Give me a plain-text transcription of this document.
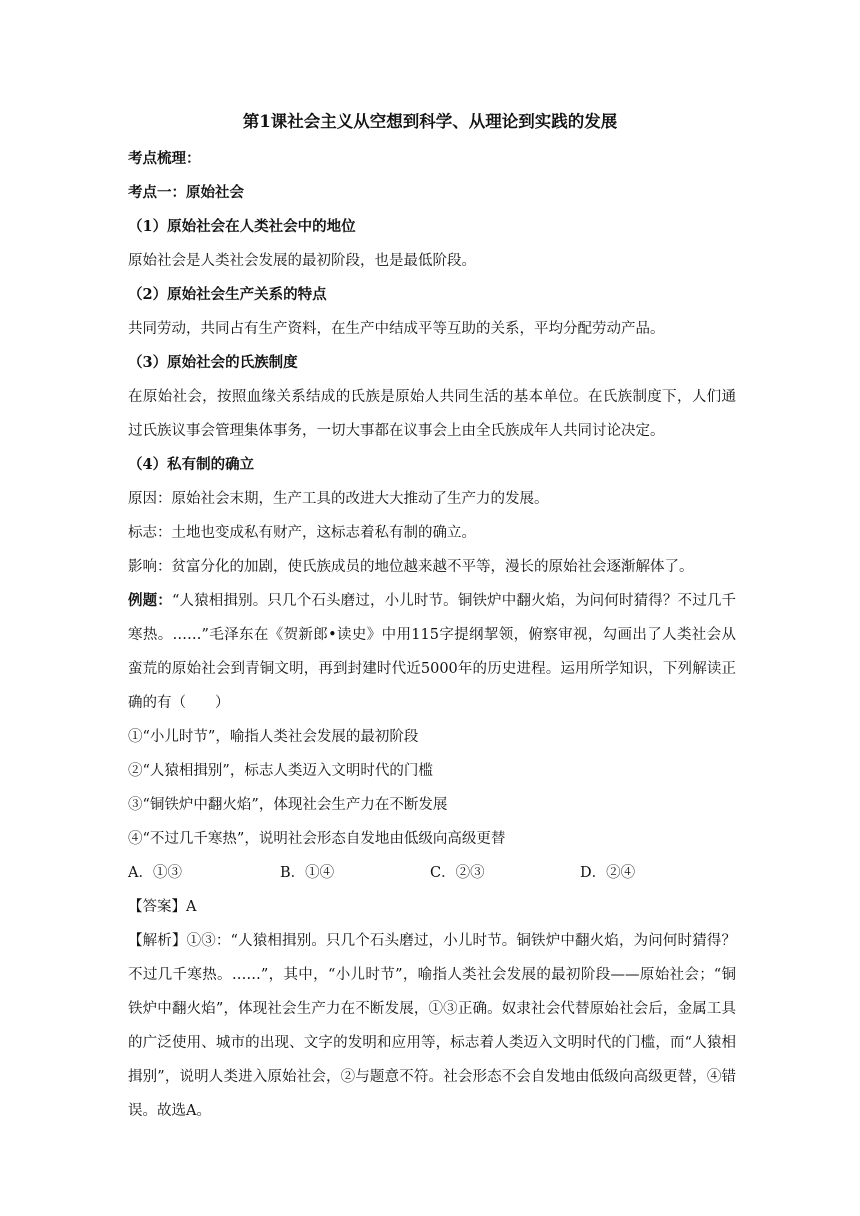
第1课社会主义从空想到科学、从理论到实践的发展
考点梳理：
考点一：原始社会
（1）原始社会在人类社会中的地位
原始社会是人类社会发展的最初阶段，也是最低阶段。
（2）原始社会生产关系的特点
共同劳动，共同占有生产资料，在生产中结成平等互助的关系，平均分配劳动产品。
（3）原始社会的氏族制度
在原始社会，按照血缘关系结成的氏族是原始人共同生活的基本单位。在氏族制度下，人们通过氏族议事会管理集体事务，一切大事都在议事会上由全氏族成年人共同讨论决定。
（4）私有制的确立
原因：原始社会末期，生产工具的改进大大推动了生产力的发展。
标志：土地也变成私有财产，这标志着私有制的确立。
影响：贫富分化的加剧，使氏族成员的地位越来越不平等，漫长的原始社会逐渐解体了。
例题：“人猿相揖别。只几个石头磨过，小儿时节。铜铁炉中翻火焰，为问何时猜得？不过几千寒热。……”毛泽东在《贺新郎•读史》中用115字提纲挈领，俯察审视，勾画出了人类社会从蛮荒的原始社会到青铜文明，再到封建时代近5000年的历史进程。运用所学知识，下列解读正确的有（　　）
①“小儿时节”，喻指人类社会发展的最初阶段
②“人猿相揖别”，标志人类迈入文明时代的门槛
③“铜铁炉中翻火焰”，体现社会生产力在不断发展
④“不过几千寒热”，说明社会形态自发地由低级向高级更替
A．①③	B．①④	C．②③	D．②④
【答案】A
【解析】①③：“人猿相揖别。只几个石头磨过，小儿时节。铜铁炉中翻火焰，为问何时猜得？不过几千寒热。……”，其中，“小儿时节”，喻指人类社会发展的最初阶段——原始社会；“铜铁炉中翻火焰”，体现社会生产力在不断发展，①③正确。奴隶社会代替原始社会后，金属工具的广泛使用、城市的出现、文字的发明和应用等，标志着人类迈入文明时代的门槛，而“人猿相揖别”，说明人类进入原始社会，②与题意不符。社会形态不会自发地由低级向高级更替，④错误。故选A。
